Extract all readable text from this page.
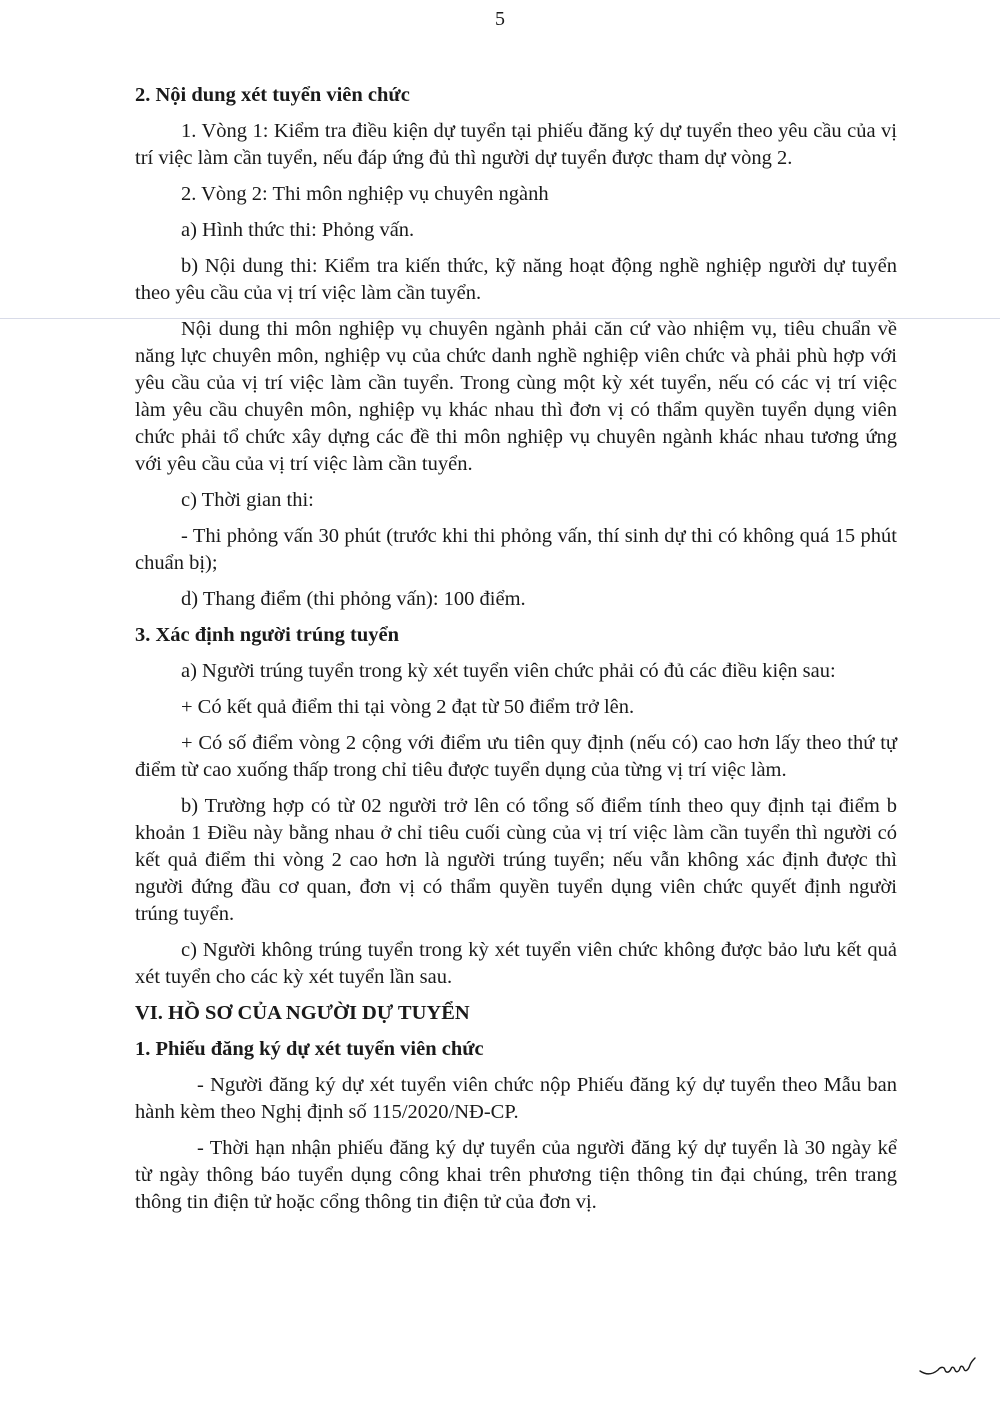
5

2. Nội dung xét tuyển viên chức

1. Vòng 1: Kiểm tra điều kiện dự tuyển tại phiếu đăng ký dự tuyển theo yêu cầu của vị trí việc làm cần tuyển, nếu đáp ứng đủ thì người dự tuyển được tham dự vòng 2.

2. Vòng 2: Thi môn nghiệp vụ chuyên ngành

a) Hình thức thi: Phỏng vấn.

b) Nội dung thi: Kiểm tra kiến thức, kỹ năng hoạt động nghề nghiệp người dự tuyển theo yêu cầu của vị trí việc làm cần tuyển.

Nội dung thi môn nghiệp vụ chuyên ngành phải căn cứ vào nhiệm vụ, tiêu chuẩn về năng lực chuyên môn, nghiệp vụ của chức danh nghề nghiệp viên chức và phải phù hợp với yêu cầu của vị trí việc làm cần tuyển. Trong cùng một kỳ xét tuyển, nếu có các vị trí việc làm yêu cầu chuyên môn, nghiệp vụ khác nhau thì đơn vị có thẩm quyền tuyển dụng viên chức phải tổ chức xây dựng các đề thi môn nghiệp vụ chuyên ngành khác nhau tương ứng với yêu cầu của vị trí việc làm cần tuyển.

c) Thời gian thi:

- Thi phỏng vấn 30 phút (trước khi thi phỏng vấn, thí sinh dự thi có không quá 15 phút chuẩn bị);

d) Thang điểm (thi phỏng vấn): 100 điểm.

3. Xác định người trúng tuyển

a) Người trúng tuyển trong kỳ xét tuyển viên chức phải có đủ các điều kiện sau:

+ Có kết quả điểm thi tại vòng 2 đạt từ 50 điểm trở lên.

+ Có số điểm vòng 2 cộng với điểm ưu tiên quy định (nếu có) cao hơn lấy theo thứ tự điểm từ cao xuống thấp trong chỉ tiêu được tuyển dụng của từng vị trí việc làm.

b) Trường hợp có từ 02 người trở lên có tổng số điểm tính theo quy định tại điểm b khoản 1 Điều này bằng nhau ở chỉ tiêu cuối cùng của vị trí việc làm cần tuyển thì người có kết quả điểm thi vòng 2 cao hơn là người trúng tuyển; nếu vẫn không xác định được thì người đứng đầu cơ quan, đơn vị có thẩm quyền tuyển dụng viên chức quyết định người trúng tuyển.

c) Người không trúng tuyển trong kỳ xét tuyển viên chức không được bảo lưu kết quả xét tuyển cho các kỳ xét tuyển lần sau.

VI. HỒ SƠ CỦA NGƯỜI DỰ TUYỂN

1. Phiếu đăng ký dự xét tuyển viên chức

- Người đăng ký dự xét tuyển viên chức nộp Phiếu đăng ký dự tuyển theo Mẫu ban hành kèm theo Nghị định số 115/2020/NĐ-CP.

- Thời hạn nhận phiếu đăng ký dự tuyển của người đăng ký dự tuyển là 30 ngày kể từ ngày thông báo tuyển dụng công khai trên phương tiện thông tin đại chúng, trên trang thông tin điện tử hoặc cổng thông tin điện tử của đơn vị.
